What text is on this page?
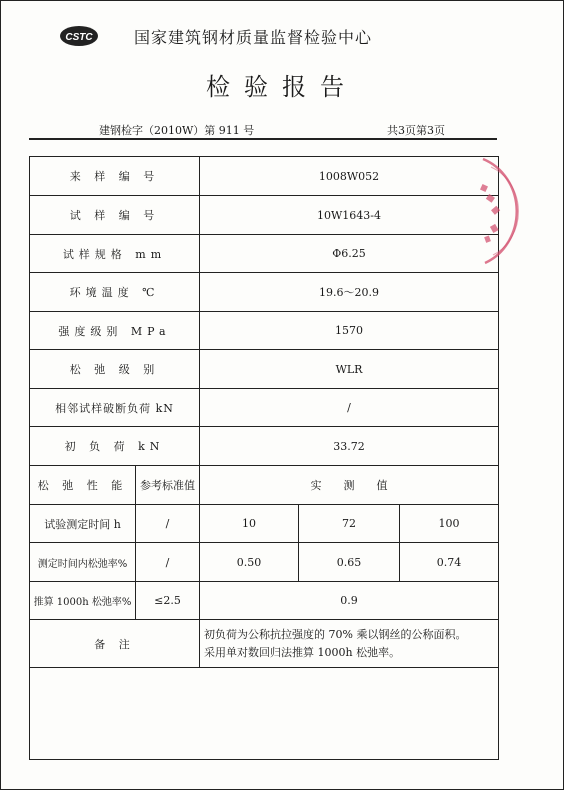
CSTC	国家建筑钢材质量监督检验中心
检验报告
建钢检字（2010W）第 911 号	共3页第3页
来 样 编 号		1008W052		
试 样 编 号		10W1643-4		
试样规格 mm		Φ6.25		
环境温度 ℃		19.6～20.9		
强度级别 MPa		1570		
松 弛 级 别		WLR		
相邻试样破断负荷 kN		/		
初 负 荷 kN		33.72		
松 弛 性 能	参考标准值	实　　测　　值		
试验测定时间 h	/	10	72	100
测定时间内松弛率%	/	0.50	0.65	0.74
推算 1000h 松弛率%	≤2.5	0.9		
备 注		初负荷为公称抗拉强度的 70% 乘以钢丝的公称面积。
采用单对数回归法推算 1000h 松弛率。		
